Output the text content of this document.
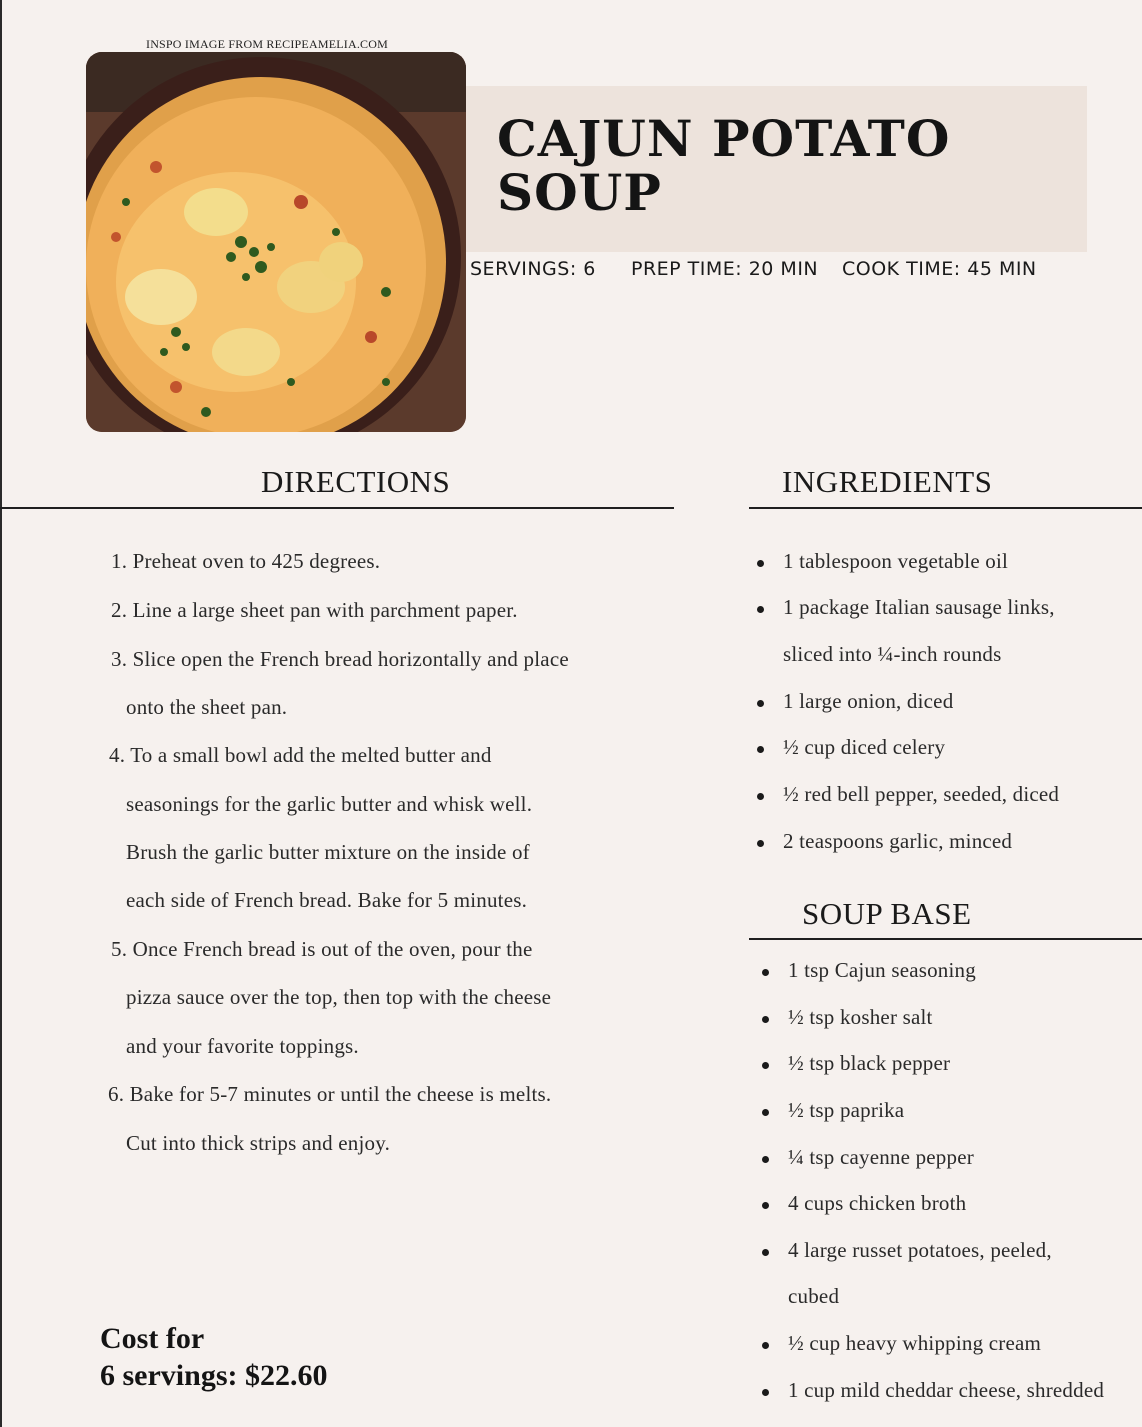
INSPO IMAGE FROM RECIPEAMELIA.COM
CAJUN POTATO
SOUP
SERVINGS: 6 PREP TIME: 20 MIN COOK TIME: 45 MIN
DIRECTIONS	INGREDIENTS
1. Preheat oven to 425 degrees.
2. Line a large sheet pan with parchment paper.
3. Slice open the French bread horizontally and place
onto the sheet pan.
4. To a small bowl add the melted butter and
seasonings for the garlic butter and whisk well.
Brush the garlic butter mixture on the inside of
each side of French bread. Bake for 5 minutes.
5. Once French bread is out of the oven, pour the
pizza sauce over the top, then top with the cheese
and your favorite toppings.
6. Bake for 5-7 minutes or until the cheese is melts.
Cut into thick strips and enjoy.
1 tablespoon vegetable oil
1 package Italian sausage links,
sliced into ¼-inch rounds
1 large onion, diced
½ cup diced celery
½ red bell pepper, seeded, diced
2 teaspoons garlic, minced
SOUP BASE
1 tsp Cajun seasoning
½ tsp kosher salt
½ tsp black pepper
½ tsp paprika
¼ tsp cayenne pepper
4 cups chicken broth
4 large russet potatoes, peeled,
cubed
½ cup heavy whipping cream
1 cup mild cheddar cheese, shredded
Cost for
6 servings: $22.60
